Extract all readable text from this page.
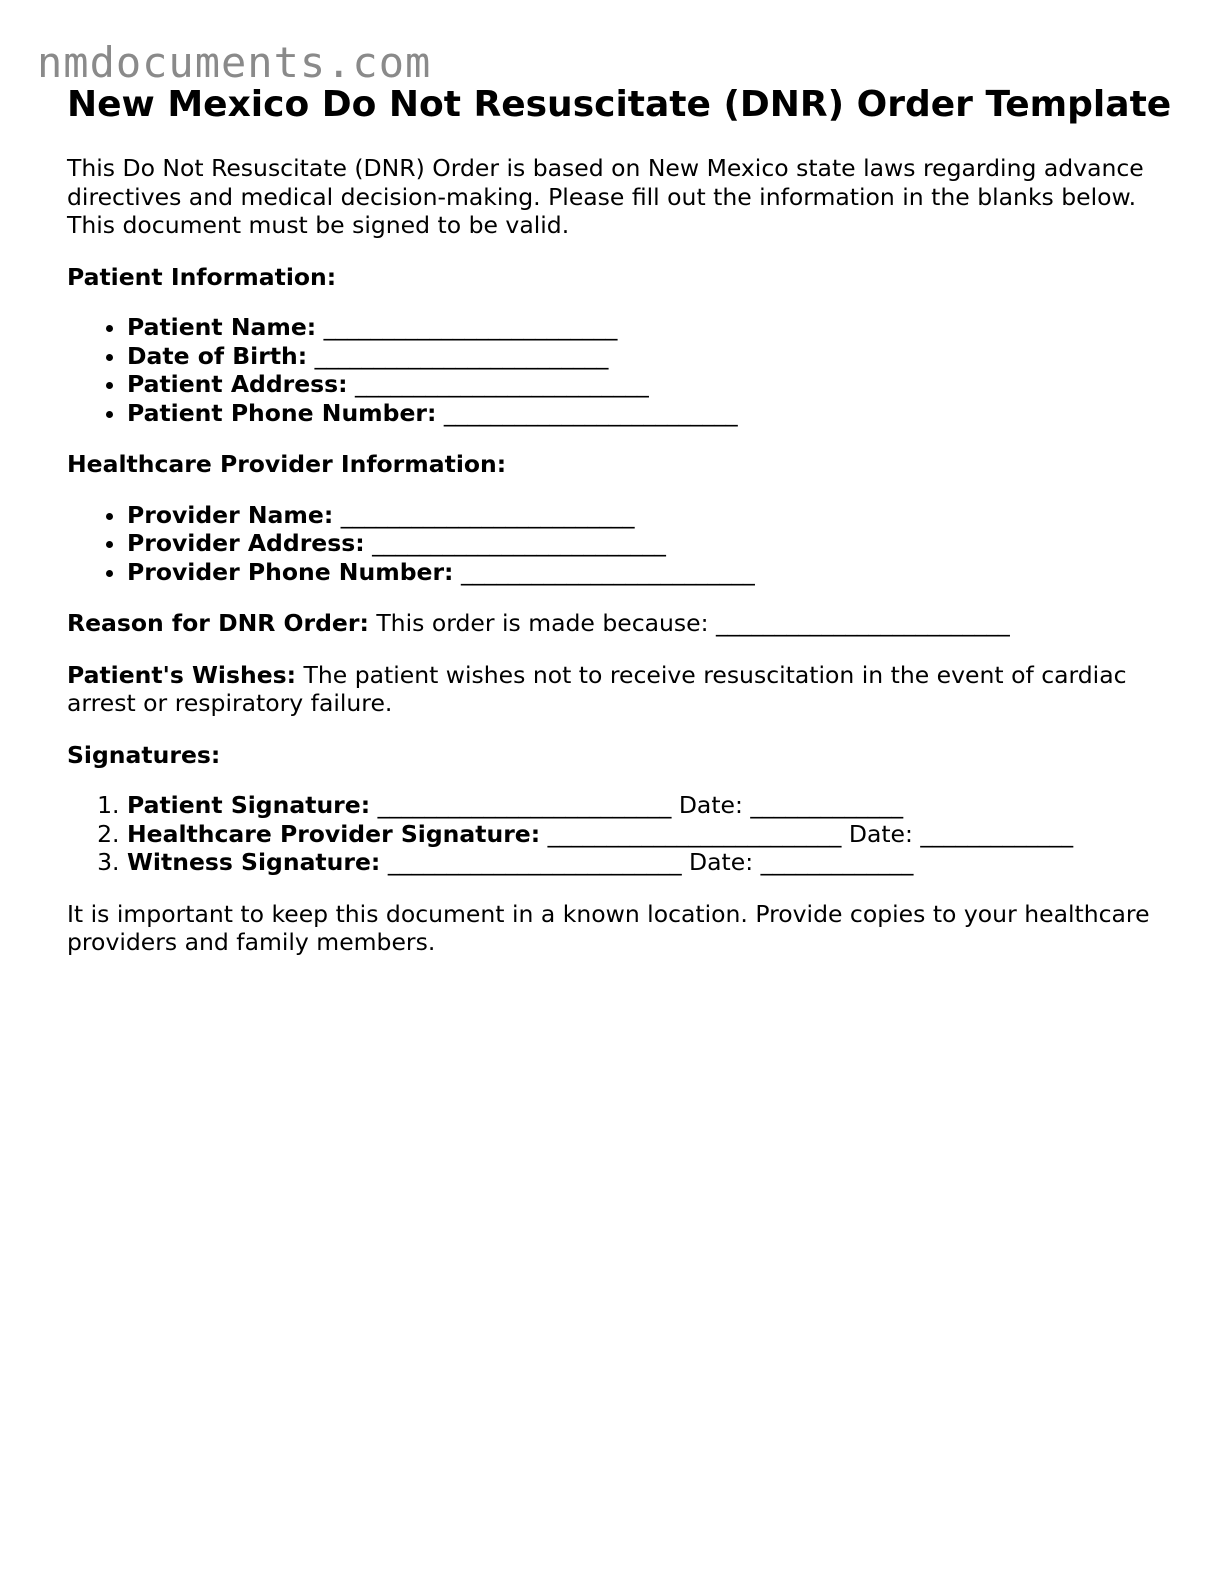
nmdocuments.com
New Mexico Do Not Resuscitate (DNR) Order Template

This Do Not Resuscitate (DNR) Order is based on New Mexico state laws regarding advance directives and medical decision-making. Please fill out the information in the blanks below. This document must be signed to be valid.

Patient Information:

• Patient Name: _________________________
• Date of Birth: _________________________
• Patient Address: _________________________
• Patient Phone Number: _________________________

Healthcare Provider Information:

• Provider Name: _________________________
• Provider Address: _________________________
• Provider Phone Number: _________________________

Reason for DNR Order: This order is made because: _________________________

Patient's Wishes: The patient wishes not to receive resuscitation in the event of cardiac arrest or respiratory failure.

Signatures:

1. Patient Signature: _________________________ Date: _____________
2. Healthcare Provider Signature: _________________________ Date: _____________
3. Witness Signature: _________________________ Date: _____________

It is important to keep this document in a known location. Provide copies to your healthcare providers and family members.
